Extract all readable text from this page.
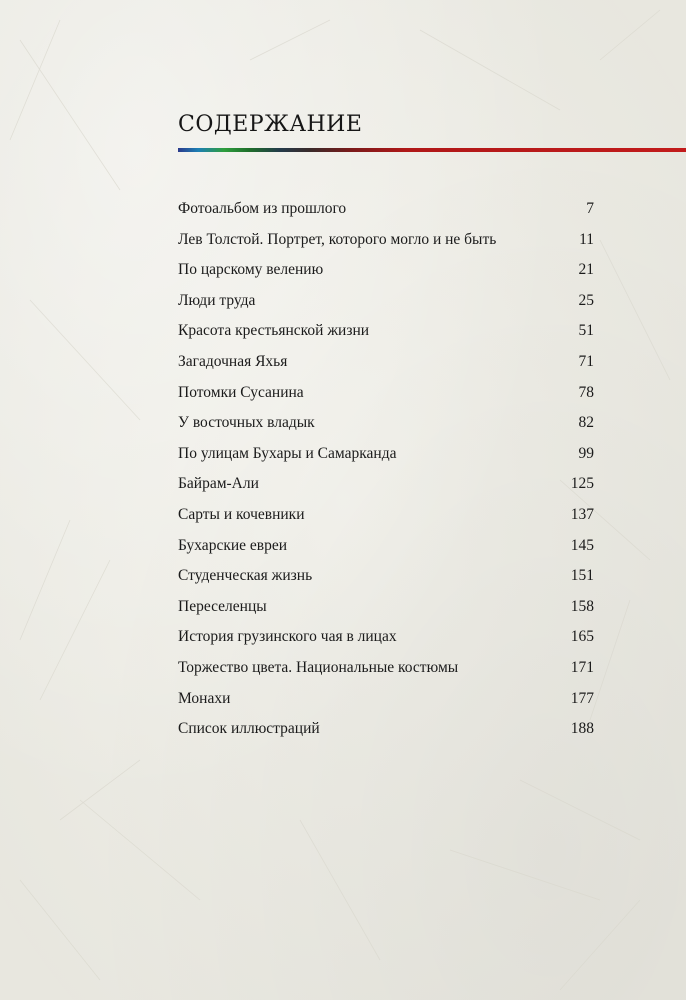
СОДЕРЖАНИЕ
Фотоальбом из прошлого	7
Лев Толстой. Портрет, которого могло и не быть	11
По царскому велению	21
Люди труда	25
Красота крестьянской жизни	51
Загадочная Яхья	71
Потомки Сусанина	78
У восточных владык	82
По улицам Бухары и Самарканда	99
Байрам-Али	125
Сарты и кочевники	137
Бухарские евреи	145
Студенческая жизнь	151
Переселенцы	158
История грузинского чая в лицах	165
Торжество цвета. Национальные костюмы	171
Монахи	177
Список иллюстраций	188
